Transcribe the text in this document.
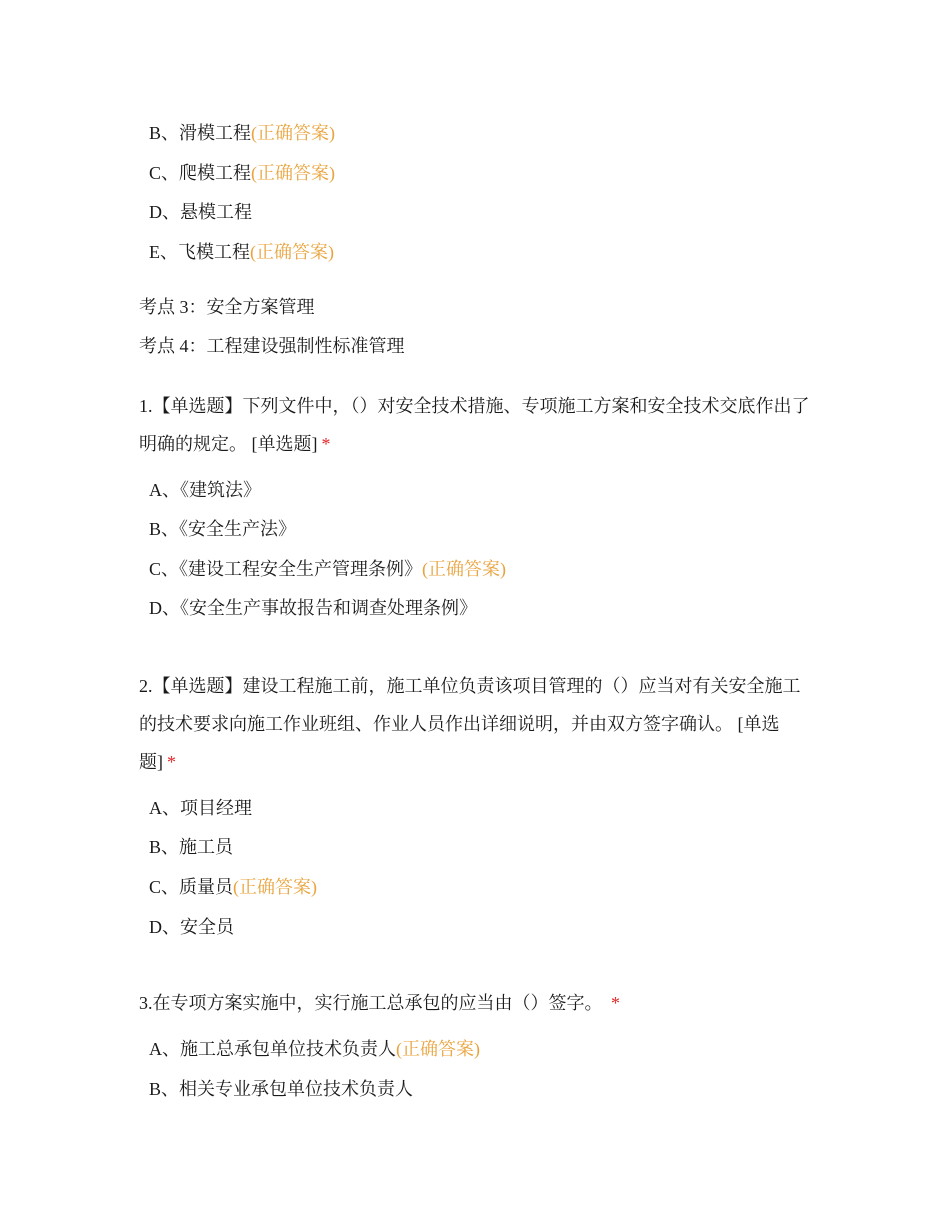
B、滑模工程(正确答案)
C、爬模工程(正确答案)
D、悬模工程
E、飞模工程(正确答案)
考点 3：安全方案管理
考点 4：工程建设强制性标准管理
1.【单选题】下列文件中，（）对安全技术措施、专项施工方案和安全技术交底作出了明确的规定。 [单选题] *
A、《建筑法》
B、《安全生产法》
C、《建设工程安全生产管理条例》(正确答案)
D、《安全生产事故报告和调查处理条例》
2.【单选题】建设工程施工前，施工单位负责该项目管理的（）应当对有关安全施工的技术要求向施工作业班组、作业人员作出详细说明，并由双方签字确认。 [单选题] *
A、项目经理
B、施工员
C、质量员(正确答案)
D、安全员
3.在专项方案实施中，实行施工总承包的应当由（）签字。 *
A、施工总承包单位技术负责人(正确答案)
B、相关专业承包单位技术负责人
